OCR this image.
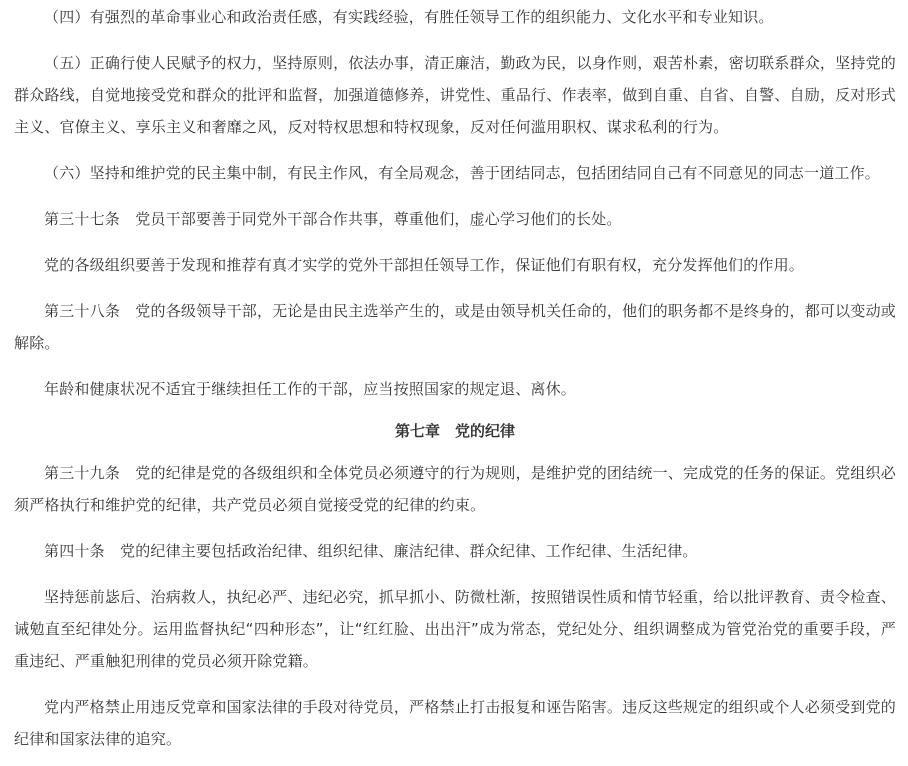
（四）有强烈的革命事业心和政治责任感，有实践经验，有胜任领导工作的组织能力、文化水平和专业知识。

（五）正确行使人民赋予的权力，坚持原则，依法办事，清正廉洁，勤政为民，以身作则，艰苦朴素，密切联系群众，坚持党的群众路线，自觉地接受党和群众的批评和监督，加强道德修养，讲党性、重品行、作表率，做到自重、自省、自警、自励，反对形式主义、官僚主义、享乐主义和奢靡之风，反对特权思想和特权现象，反对任何滥用职权、谋求私利的行为。

（六）坚持和维护党的民主集中制，有民主作风，有全局观念，善于团结同志，包括团结同自己有不同意见的同志一道工作。

第三十七条　党员干部要善于同党外干部合作共事，尊重他们，虚心学习他们的长处。

党的各级组织要善于发现和推荐有真才实学的党外干部担任领导工作，保证他们有职有权，充分发挥他们的作用。

第三十八条　党的各级领导干部，无论是由民主选举产生的，或是由领导机关任命的，他们的职务都不是终身的，都可以变动或解除。

年龄和健康状况不适宜于继续担任工作的干部，应当按照国家的规定退、离休。

第七章　党的纪律

第三十九条　党的纪律是党的各级组织和全体党员必须遵守的行为规则，是维护党的团结统一、完成党的任务的保证。党组织必须严格执行和维护党的纪律，共产党员必须自觉接受党的纪律的约束。

第四十条　党的纪律主要包括政治纪律、组织纪律、廉洁纪律、群众纪律、工作纪律、生活纪律。

坚持惩前毖后、治病救人，执纪必严、违纪必究，抓早抓小、防微杜渐，按照错误性质和情节轻重，给以批评教育、责令检查、诫勉直至纪律处分。运用监督执纪“四种形态”，让“红红脸、出出汗”成为常态，党纪处分、组织调整成为管党治党的重要手段，严重违纪、严重触犯刑律的党员必须开除党籍。

党内严格禁止用违反党章和国家法律的手段对待党员，严格禁止打击报复和诬告陷害。违反这些规定的组织或个人必须受到党的纪律和国家法律的追究。
